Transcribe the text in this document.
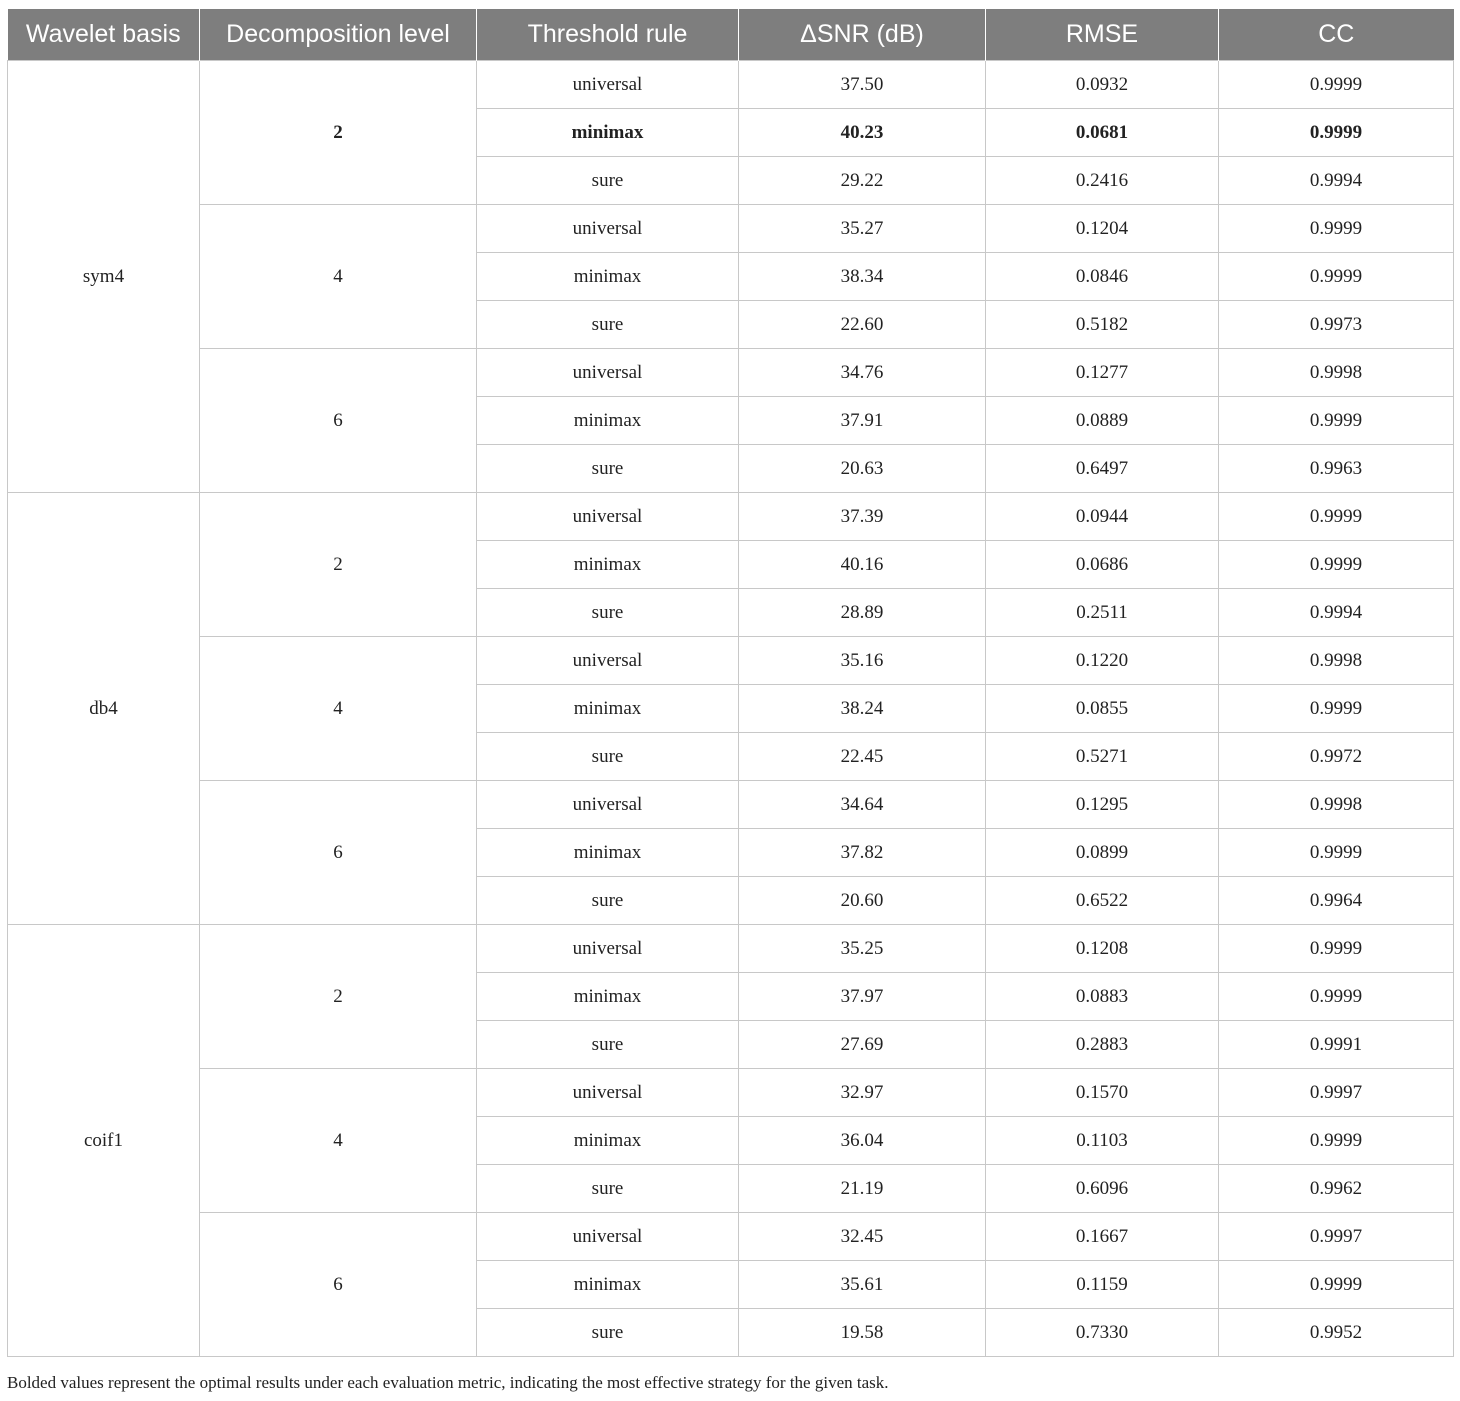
Wavelet basis	Decomposition level	Threshold rule	ΔSNR (dB)	RMSE	CC
sym4	2	universal	37.50	0.0932	0.9999
		minimax	40.23	0.0681	0.9999
		sure	29.22	0.2416	0.9994
	4	universal	35.27	0.1204	0.9999
		minimax	38.34	0.0846	0.9999
		sure	22.60	0.5182	0.9973
	6	universal	34.76	0.1277	0.9998
		minimax	37.91	0.0889	0.9999
		sure	20.63	0.6497	0.9963
db4	2	universal	37.39	0.0944	0.9999
		minimax	40.16	0.0686	0.9999
		sure	28.89	0.2511	0.9994
	4	universal	35.16	0.1220	0.9998
		minimax	38.24	0.0855	0.9999
		sure	22.45	0.5271	0.9972
	6	universal	34.64	0.1295	0.9998
		minimax	37.82	0.0899	0.9999
		sure	20.60	0.6522	0.9964
coif1	2	universal	35.25	0.1208	0.9999
		minimax	37.97	0.0883	0.9999
		sure	27.69	0.2883	0.9991
	4	universal	32.97	0.1570	0.9997
		minimax	36.04	0.1103	0.9999
		sure	21.19	0.6096	0.9962
	6	universal	32.45	0.1667	0.9997
		minimax	35.61	0.1159	0.9999
		sure	19.58	0.7330	0.9952
Bolded values represent the optimal results under each evaluation metric, indicating the most effective strategy for the given task.
